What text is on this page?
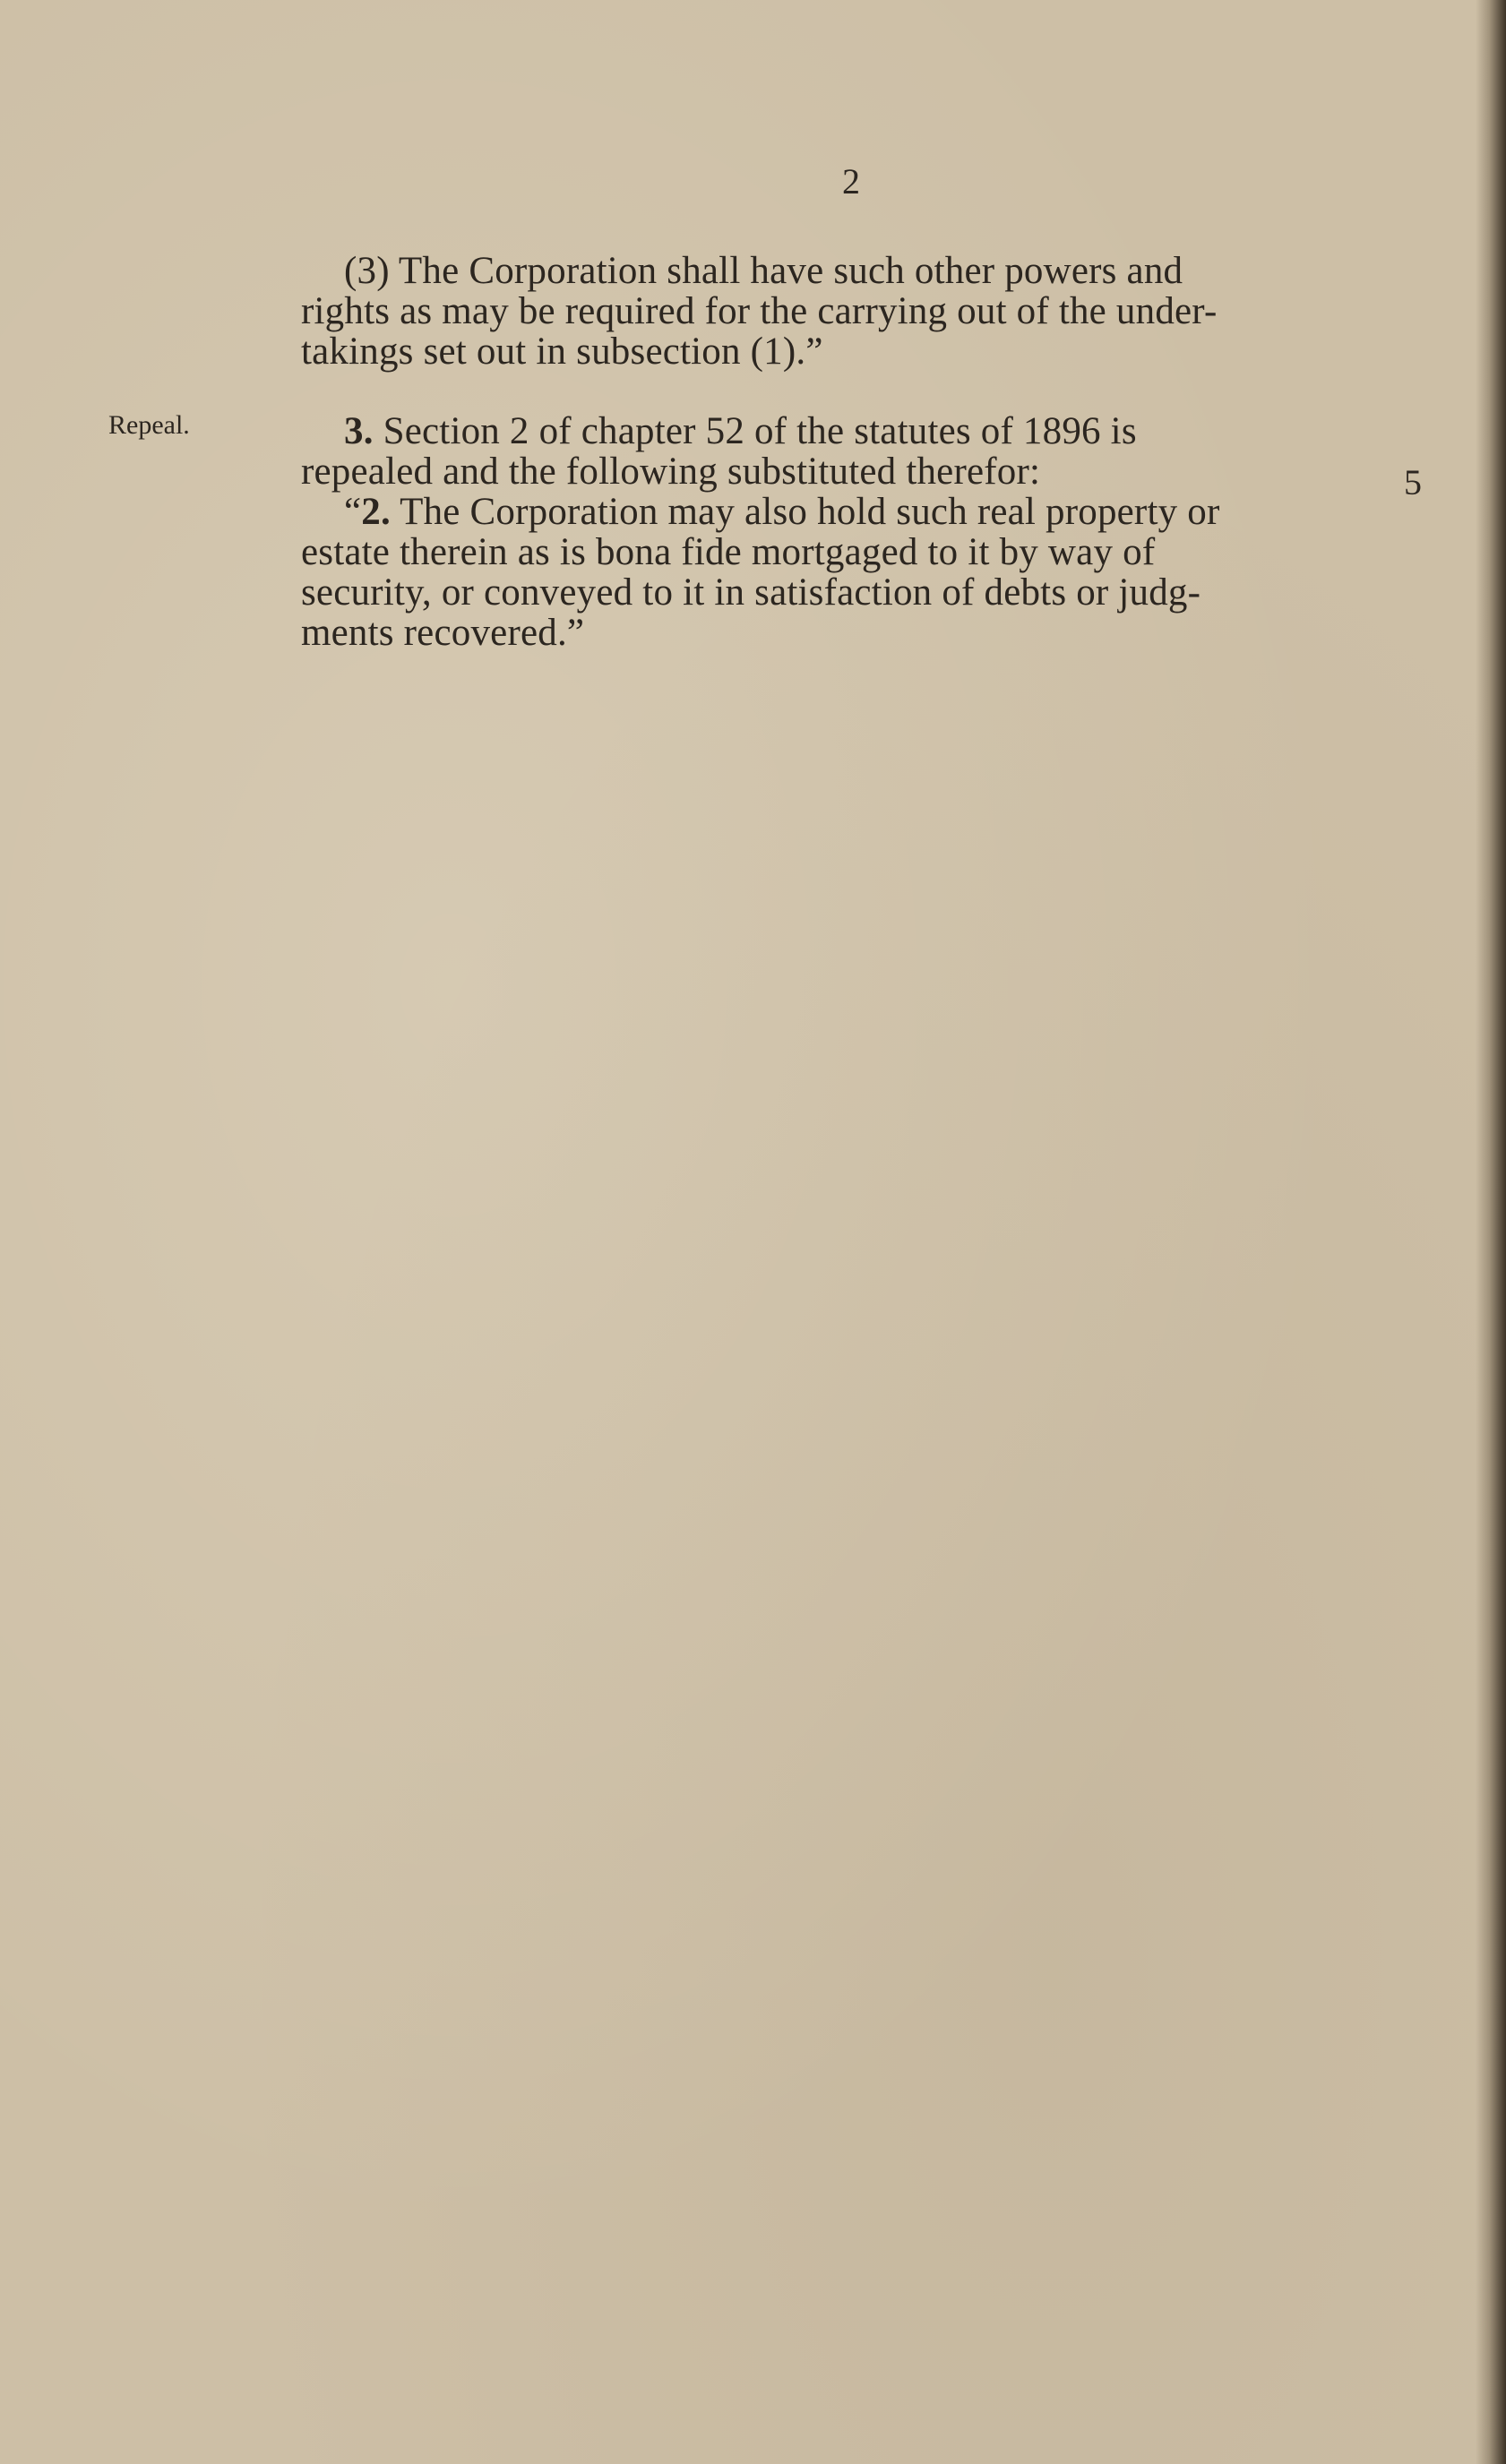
2
Repeal.
5
(3) The Corporation shall have such other powers and
rights as may be required for the carrying out of the under-
takings set out in subsection (1).”
3. Section 2 of chapter 52 of the statutes of 1896 is
repealed and the following substituted therefor:
“2. The Corporation may also hold such real property or
estate therein as is bona fide mortgaged to it by way of
security, or conveyed to it in satisfaction of debts or judg-
ments recovered.”
